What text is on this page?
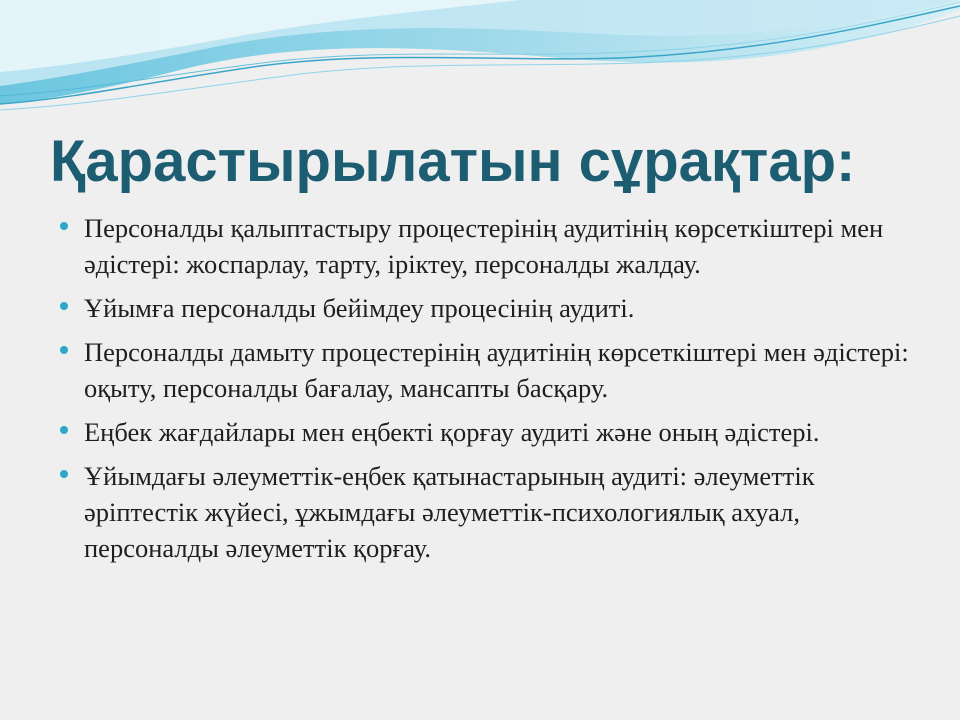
Қарастырылатын сұрақтар:
Персоналды қалыптастыру процестерінің аудитінің көрсеткіштері мен әдістері: жоспарлау, тарту, іріктеу, персоналды жалдау.
Ұйымға персоналды бейімдеу процесінің аудиті.
Персоналды дамыту процестерінің аудитінің көрсеткіштері мен әдістері: оқыту, персоналды бағалау, мансапты басқару.
Еңбек жағдайлары мен еңбекті қорғау аудиті және оның әдістері.
Ұйымдағы әлеуметтік-еңбек қатынастарының аудиті: әлеуметтік әріптестік жүйесі, ұжымдағы әлеуметтік-психологиялық ахуал, персоналды әлеуметтік қорғау.
